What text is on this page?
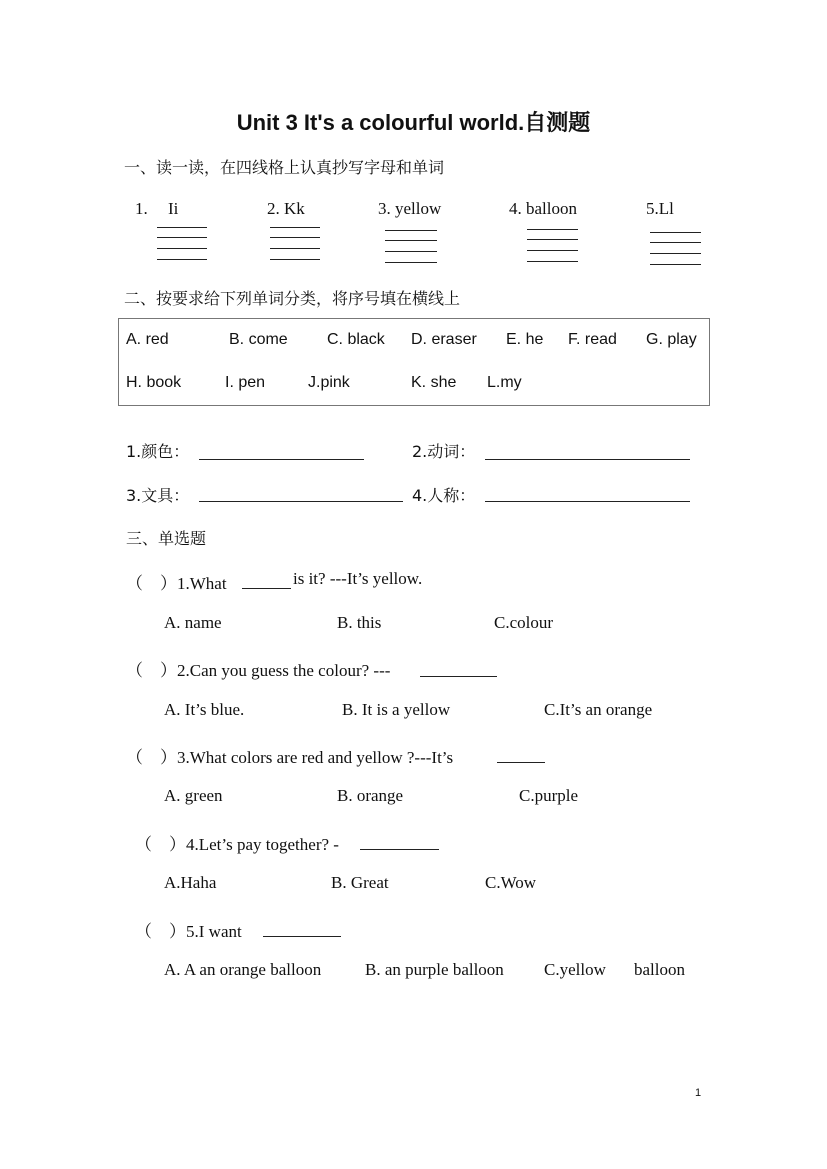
Unit 3 It's a colourful world.自测题
一、读一读，在四线格上认真抄写字母和单词
1. Ii	2. Kk	3. yellow	4. balloon	5.Ll
二、按要求给下列单词分类，将序号填在横线上
A. red	B. come C. black D. eraser E. he F. read G. play
H. book	I. pen	J.pink	K. she L.my
1.颜色：	2.动词：
3.文具：	4.人称：
三、单选题
（　）1.What	is it? ---It’s yellow.
A. name	B. this	C.colour
（　）2.Can you guess the colour? ---
A. It’s blue.	B. It is a yellow	C.It’s an orange
（　）3.What colors are red and yellow ?---It’s
A. green	B. orange	C.purple
（　）4.Let’s pay together? -
A.Haha	B. Great	C.Wow
（　）5.I want
A. A an orange balloon	B. an purple balloon C.yellow balloon
1
